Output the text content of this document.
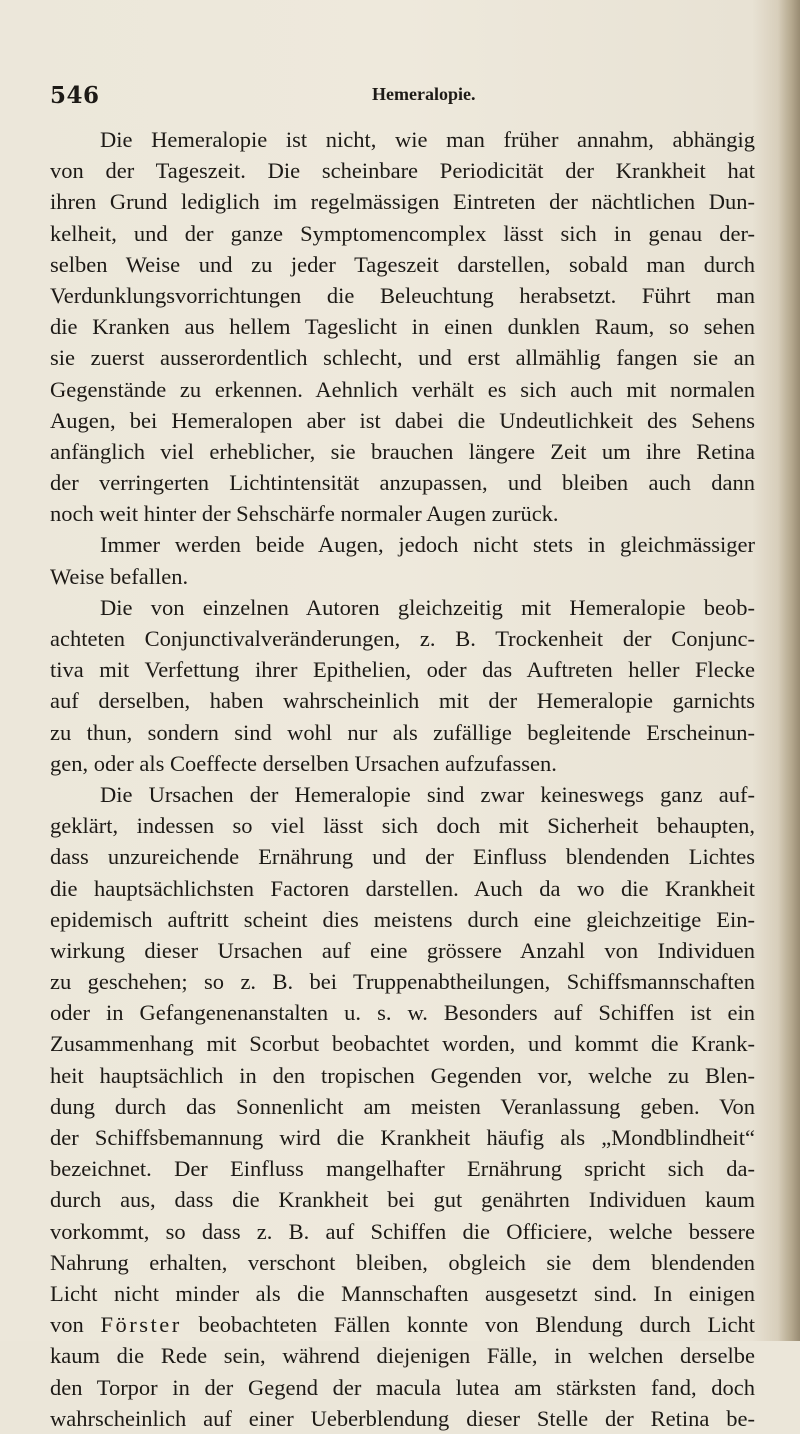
546	Hemeralopie.
Die Hemeralopie ist nicht, wie man früher annahm, abhängig
von der Tageszeit. Die scheinbare Periodicität der Krankheit hat
ihren Grund lediglich im regelmässigen Eintreten der nächtlichen Dun-
kelheit, und der ganze Symptomencomplex lässt sich in genau der-
selben Weise und zu jeder Tageszeit darstellen, sobald man durch
Verdunklungsvorrichtungen die Beleuchtung herabsetzt. Führt man
die Kranken aus hellem Tageslicht in einen dunklen Raum, so sehen
sie zuerst ausserordentlich schlecht, und erst allmählig fangen sie an
Gegenstände zu erkennen. Aehnlich verhält es sich auch mit normalen
Augen, bei Hemeralopen aber ist dabei die Undeutlichkeit des Sehens
anfänglich viel erheblicher, sie brauchen längere Zeit um ihre Retina
der verringerten Lichtintensität anzupassen, und bleiben auch dann
noch weit hinter der Sehschärfe normaler Augen zurück.
Immer werden beide Augen, jedoch nicht stets in gleichmässiger
Weise befallen.
Die von einzelnen Autoren gleichzeitig mit Hemeralopie beob-
achteten Conjunctivalveränderungen, z. B. Trockenheit der Conjunc-
tiva mit Verfettung ihrer Epithelien, oder das Auftreten heller Flecke
auf derselben, haben wahrscheinlich mit der Hemeralopie garnichts
zu thun, sondern sind wohl nur als zufällige begleitende Erscheinun-
gen, oder als Coeffecte derselben Ursachen aufzufassen.
Die Ursachen der Hemeralopie sind zwar keineswegs ganz auf-
geklärt, indessen so viel lässt sich doch mit Sicherheit behaupten,
dass unzureichende Ernährung und der Einfluss blendenden Lichtes
die hauptsächlichsten Factoren darstellen. Auch da wo die Krankheit
epidemisch auftritt scheint dies meistens durch eine gleichzeitige Ein-
wirkung dieser Ursachen auf eine grössere Anzahl von Individuen
zu geschehen; so z. B. bei Truppenabtheilungen, Schiffsmannschaften
oder in Gefangenenanstalten u. s. w. Besonders auf Schiffen ist ein
Zusammenhang mit Scorbut beobachtet worden, und kommt die Krank-
heit hauptsächlich in den tropischen Gegenden vor, welche zu Blen-
dung durch das Sonnenlicht am meisten Veranlassung geben. Von
der Schiffsbemannung wird die Krankheit häufig als „Mondblindheit“
bezeichnet. Der Einfluss mangelhafter Ernährung spricht sich da-
durch aus, dass die Krankheit bei gut genährten Individuen kaum
vorkommt, so dass z. B. auf Schiffen die Officiere, welche bessere
Nahrung erhalten, verschont bleiben, obgleich sie dem blendenden
Licht nicht minder als die Mannschaften ausgesetzt sind. In einigen
von Förster beobachteten Fällen konnte von Blendung durch Licht
kaum die Rede sein, während diejenigen Fälle, in welchen derselbe
den Torpor in der Gegend der macula lutea am stärksten fand, doch
wahrscheinlich auf einer Ueberblendung dieser Stelle der Retina be-
